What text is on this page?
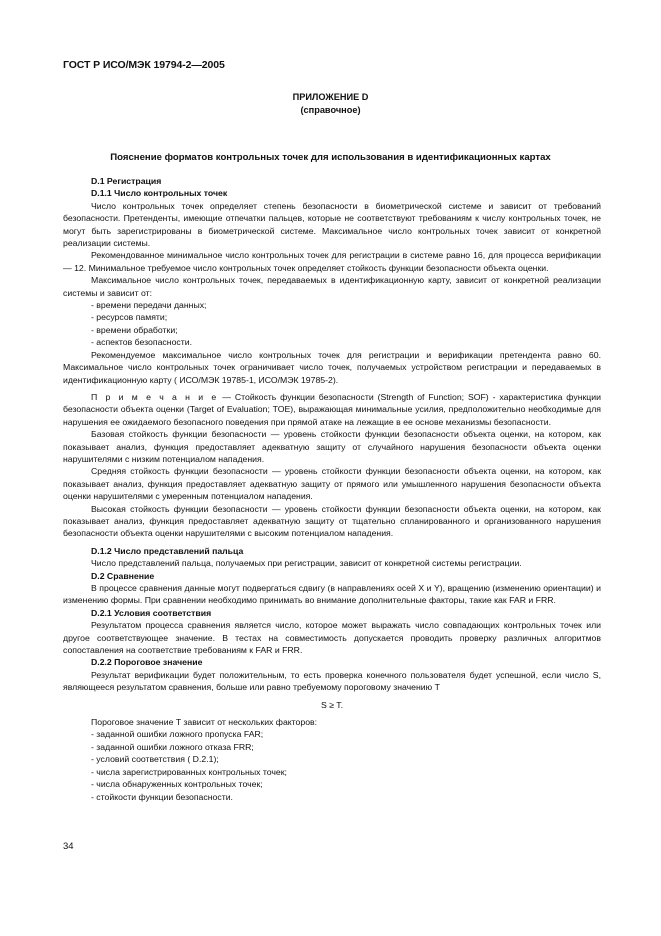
ГОСТ Р ИСО/МЭК 19794-2—2005
ПРИЛОЖЕНИЕ D
(справочное)
Пояснение форматов контрольных точек для использования в идентификационных картах

D.1 Регистрация

D.1.1 Число контрольных точек

Число контрольных точек определяет степень безопасности в биометрической системе и зависит от требований безопасности. Претенденты, имеющие отпечатки пальцев, которые не соответствуют требованиям к числу контрольных точек, не могут быть зарегистрированы в биометрической системе. Максимальное число контрольных точек зависит от конкретной реализации системы.

Рекомендованное минимальное число контрольных точек для регистрации в системе равно 16, для процесса верификации — 12. Минимальное требуемое число контрольных точек определяет стойкость функции безопасности объекта оценки.

Максимальное число контрольных точек, передаваемых в идентификационную карту, зависит от конкретной реализации системы и зависит от:

- времени передачи данных;

- ресурсов памяти;

- времени обработки;

- аспектов безопасности.

Рекомендуемое максимальное число контрольных точек для регистрации и верификации претендента равно 60. Максимальное число контрольных точек ограничивает число точек, получаемых устройством регистрации и передаваемых в идентификационную карту ( ИСО/МЭК 19785-1, ИСО/МЭК 19785-2).

П р и м е ч а н и е — Стойкость функции безопасности (Strength of Function; SOF) - характеристика функции безопасности объекта оценки (Target of Evaluation; TOE), выражающая минимальные усилия, предположительно необходимые для нарушения ее ожидаемого безопасного поведения при прямой атаке на лежащие в ее основе механизмы безопасности.

Базовая стойкость функции безопасности — уровень стойкости функции безопасности объекта оценки, на котором, как показывает анализ, функция предоставляет адекватную защиту от случайного нарушения безопасности объекта оценки нарушителями с низким потенциалом нападения.

Средняя стойкость функции безопасности — уровень стойкости функции безопасности объекта оценки, на котором, как показывает анализ, функция предоставляет адекватную защиту от прямого или умышленного нарушения безопасности объекта оценки нарушителями с умеренным потенциалом нападения.

Высокая стойкость функции безопасности — уровень стойкости функции безопасности объекта оценки, на котором, как показывает анализ, функция предоставляет адекватную защиту от тщательно спланированного и организованного нарушения безопасности объекта оценки нарушителями с высоким потенциалом нападения.

D.1.2 Число представлений пальца

Число представлений пальца, получаемых при регистрации, зависит от конкретной системы регистрации.

D.2 Сравнение

В процессе сравнения данные могут подвергаться сдвигу (в направлениях осей X и Y), вращению (изменению ориентации) и изменению формы. При сравнении необходимо принимать во внимание дополнительные факторы, такие как FAR и FRR.

D.2.1 Условия соответствия

Результатом процесса сравнения является число, которое может выражать число совпадающих контрольных точек или другое соответствующее значение. В тестах на совместимость допускается проводить проверку различных алгоритмов сопоставления на соответствие требованиям к FAR и FRR.

D.2.2 Пороговое значение

Результат верификации будет положительным, то есть проверка конечного пользователя будет успешной, если число S, являющееся результатом сравнения, больше или равно требуемому пороговому значению T

S ≥ T.

Пороговое значение T зависит от нескольких факторов:

- заданной ошибки ложного пропуска FAR;

- заданной ошибки ложного отказа FRR;

- условий соответствия ( D.2.1);

- числа зарегистрированных контрольных точек;

- числа обнаруженных контрольных точек;

- стойкости функции безопасности.

34
